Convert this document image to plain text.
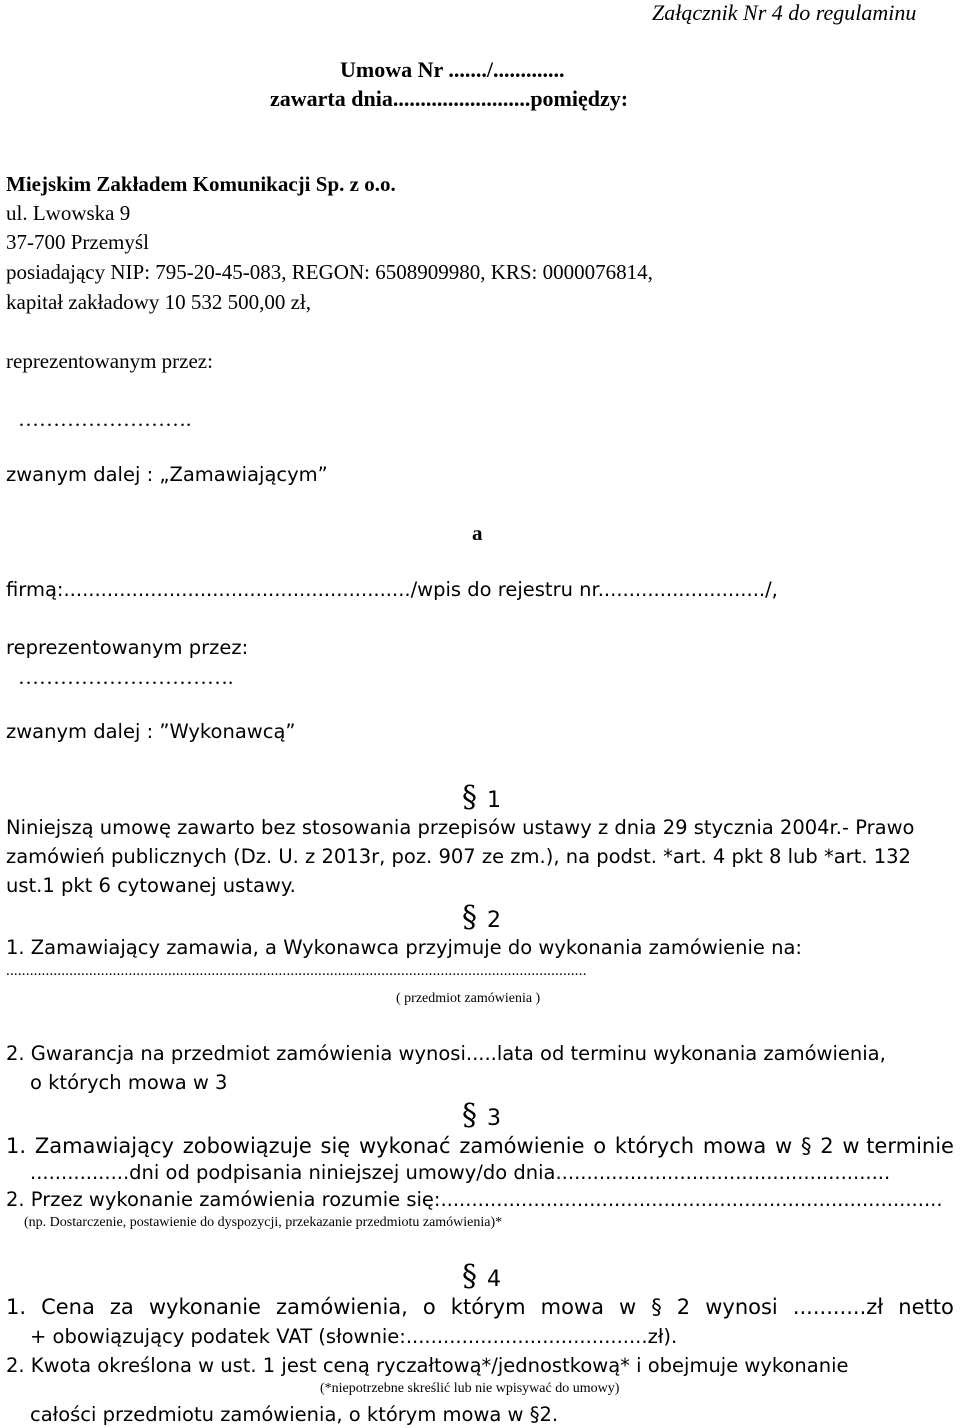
Załącznik Nr 4 do regulaminu
Umowa Nr ......./.............
zawarta dnia.........................pomiędzy:
Miejskim Zakładem Komunikacji Sp. z o.o.
ul. Lwowska 9
37-700 Przemyśl
posiadający NIP: 795-20-45-083, REGON: 6508909980, KRS: 0000076814,
kapitał zakładowy 10 532 500,00 zł,
reprezentowanym przez:
…………………….
zwanym dalej : „Zamawiającym”
a
firmą:......................................................../wpis do rejestru nr.........................../,
reprezentowanym przez:
………………………….
zwanym dalej : ”Wykonawcą”
§ 1
Niniejszą umowę zawarto bez stosowania przepisów ustawy z dnia 29 stycznia 2004r.- Prawo
zamówień publicznych (Dz. U. z 2013r, poz. 907 ze zm.), na podst. *art. 4 pkt 8 lub *art. 132
ust.1 pkt 6 cytowanej ustawy.
§ 2
1. Zamawiający zamawia, a Wykonawca przyjmuje do wykonania zamówienie na:
...................................................................................................................................................
( przedmiot zamówienia )
2. Gwarancja na przedmiot zamówienia wynosi.....lata od terminu wykonania zamówienia,
o których mowa w 3
§ 3
1. Zamawiający zobowiązuje się wykonać zamówienie o których mowa w § 2 w terminie
................dni od podpisania niniejszej umowy/do dnia......................................................
2. Przez wykonanie zamówienia rozumie się:.................................................................................
(np. Dostarczenie, postawienie do dyspozycji, przekazanie przedmiotu zamówienia)*
§ 4
1. Cena za wykonanie zamówienia, o którym mowa w § 2 wynosi ...........zł netto
+ obowiązujący podatek VAT (słownie:.......................................zł).
2. Kwota określona w ust. 1 jest ceną ryczałtową*/jednostkową* i obejmuje wykonanie
(*niepotrzebne skreślić lub nie wpisywać do umowy)
całości przedmiotu zamówienia, o którym mowa w §2.
